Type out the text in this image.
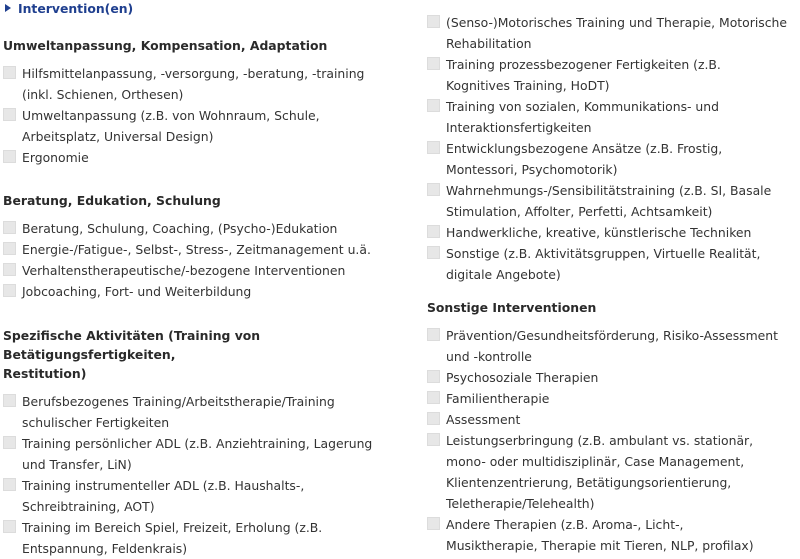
Intervention(en)
Umweltanpassung, Kompensation, Adaptation
Hilfsmittelanpassung, -versorgung, -beratung, -training (inkl. Schienen, Orthesen)
Umweltanpassung (z.B. von Wohnraum, Schule, Arbeitsplatz, Universal Design)
Ergonomie
Beratung, Edukation, Schulung
Beratung, Schulung, Coaching, (Psycho-)Edukation
Energie-/Fatigue-, Selbst-, Stress-, Zeitmanagement u.ä.
Verhaltenstherapeutische/-bezogene Interventionen
Jobcoaching, Fort- und Weiterbildung
Spezifische Aktivitäten (Training von Betätigungsfertigkeiten, Restitution)
Berufsbezogenes Training/Arbeitstherapie/Training schulischer Fertigkeiten
Training persönlicher ADL (z.B. Anziehtraining, Lagerung und Transfer, LiN)
Training instrumenteller ADL (z.B. Haushalts-, Schreibtraining, AOT)
Training im Bereich Spiel, Freizeit, Erholung (z.B. Entspannung, Feldenkrais)
(Senso-)Motorisches Training und Therapie, Motorische Rehabilitation
Training prozessbezogener Fertigkeiten (z.B. Kognitives Training, HoDT)
Training von sozialen, Kommunikations- und Interaktionsfertigkeiten
Entwicklungsbezogene Ansätze (z.B. Frostig, Montessori, Psychomotorik)
Wahrnehmungs-/Sensibilitätstraining (z.B. SI, Basale Stimulation, Affolter, Perfetti, Achtsamkeit)
Handwerkliche, kreative, künstlerische Techniken
Sonstige (z.B. Aktivitätsgruppen, Virtuelle Realität, digitale Angebote)
Sonstige Interventionen
Prävention/Gesundheitsförderung, Risiko-Assessment und -kontrolle
Psychosoziale Therapien
Familientherapie
Assessment
Leistungserbringung (z.B. ambulant vs. stationär, mono- oder multidisziplinär, Case Management, Klientenzentrierung, Betätigungsorientierung, Teletherapie/Telehealth)
Andere Therapien (z.B. Aroma-, Licht-, Musiktherapie, Therapie mit Tieren, NLP, profilax)
